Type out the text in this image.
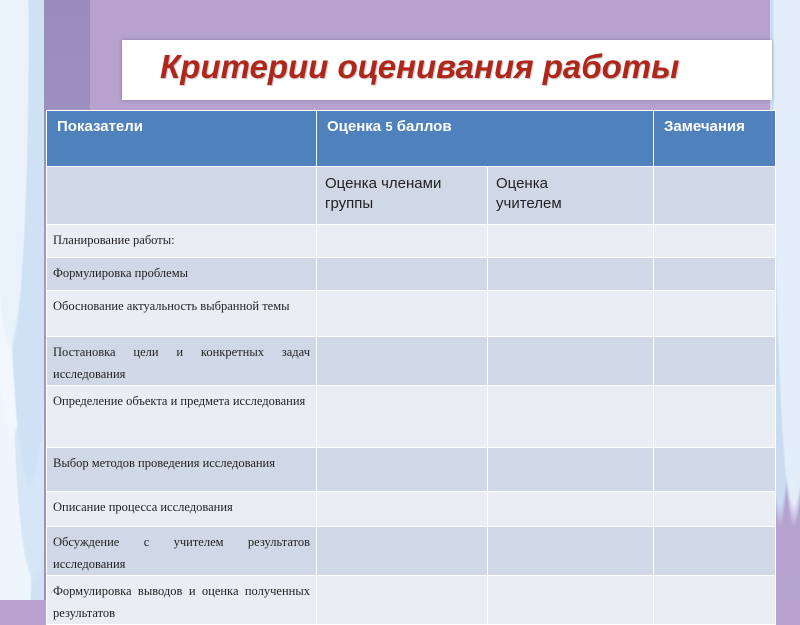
Критерии оценивания работы
Показатели	Оценка 5 баллов		Замечания

	Оценка членами группы	Оценка учителем	

Планирование работы:			

Формулировка проблемы			

Обоснование актуальность выбранной темы			

Постановка цели и конкретных задач исследования			

Определение объекта и предмета исследования			

Выбор методов проведения исследования			

Описание процесса исследования			

Обсуждение с учителем результатов исследования			

Формулировка выводов и оценка полученных результатов			
